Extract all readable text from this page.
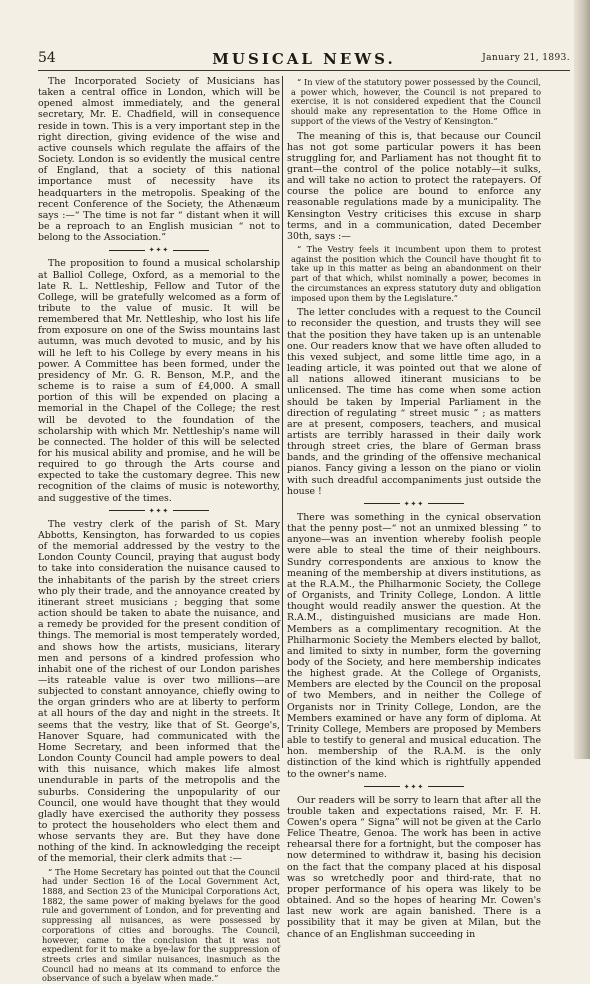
54	MUSICAL NEWS.	January 21, 1893.

The Incorporated Society of Musicians has taken a central office in London, which will be opened almost immediately, and the general secretary, Mr. E. Chadfield, will in consequence reside in town. This is a very important step in the right direction, giving evidence of the wise and active counsels which regulate the affairs of the Society. London is so evidently the musical centre of England, that a society of this national importance must of necessity have its headquarters in the metropolis. Speaking of the recent Conference of the Society, the Athenæum says :—“ The time is not far “ distant when it will be a reproach to an English musician “ not to belong to the Association.”

✦✦✦

The proposition to found a musical scholarship at Balliol College, Oxford, as a memorial to the late R. L. Nettleship, Fellow and Tutor of the College, will be gratefully welcomed as a form of tribute to the value of music. It will be remembered that Mr. Nettleship, who lost his life from exposure on one of the Swiss mountains last autumn, was much devoted to music, and by his will he left to his College by every means in his power. A Committee has been formed, under the presidency of Mr. G. R. Benson, M.P., and the scheme is to raise a sum of £4,000. A small portion of this will be expended on placing a memorial in the Chapel of the College; the rest will be devoted to the foundation of the scholarship with which Mr. Nettleship's name will be connected. The holder of this will be selected for his musical ability and promise, and he will be required to go through the Arts course and expected to take the customary degree. This new recognition of the claims of music is noteworthy, and suggestive of the times.

✦✦✦

The vestry clerk of the parish of St. Mary Abbotts, Kensington, has forwarded to us copies of the memorial addressed by the vestry to the London County Council, praying that august body to take into consideration the nuisance caused to the inhabitants of the parish by the street criers who ply their trade, and the annoyance created by itinerant street musicians ; begging that some action should be taken to abate the nuisance, and a remedy be provided for the present condition of things. The memorial is most temperately worded, and shows how the artists, musicians, literary men and persons of a kindred profession who inhabit one of the richest of our London parishes—its rateable value is over two millions—are subjected to constant annoyance, chiefly owing to the organ grinders who are at liberty to perform at all hours of the day and night in the streets. It seems that the vestry, like that of St. George's, Hanover Square, had communicated with the Home Secretary, and been informed that the London County Council had ample powers to deal with this nuisance, which makes life almost unendurable in parts of the metropolis and the suburbs. Considering the unpopularity of our Council, one would have thought that they would gladly have exercised the authority they possess to protect the householders who elect them and whose servants they are. But they have done nothing of the kind. In acknowledging the receipt of the memorial, their clerk admits that :—

“ The Home Secretary has pointed out that the Council had under Section 16 of the Local Government Act, 1888, and Section 23 of the Municipal Corporations Act, 1882, the same power of making byelaws for the good rule and government of London, and for preventing and suppressing all nuisances, as were possessed by corporations of cities and boroughs. The Council, however, came to the conclusion that it was not expedient for it to make a bye-law for the suppression of streets cries and similar nuisances, inasmuch as the Council had no means at its command to enforce the observance of such a byelaw when made.”

“ In view of the statutory power possessed by the Council, a power which, however, the Council is not prepared to exercise, it is not considered expedient that the Council should make any representation to the Home Office in support of the views of the Vestry of Kensington.”

The meaning of this is, that because our Council has not got some particular powers it has been struggling for, and Parliament has not thought fit to grant—the control of the police notably—it sulks, and will take no action to protect the ratepayers. Of course the police are bound to enforce any reasonable regulations made by a municipality. The Kensington Vestry criticises this excuse in sharp terms, and in a communication, dated December 30th, says :—

“ The Vestry feels it incumbent upon them to protest against the position which the Council have thought fit to take up in this matter as being an abandonment on their part of that which, whilst nominally a power, becomes in the circumstances an express statutory duty and obligation imposed upon them by the Legislature.”

The letter concludes with a request to the Council to reconsider the question, and trusts they will see that the position they have taken up is an untenable one. Our readers know that we have often alluded to this vexed subject, and some little time ago, in a leading article, it was pointed out that we alone of all nations allowed itinerant musicians to be unlicensed. The time has come when some action should be taken by Imperial Parliament in the direction of regulating “ street music ” ; as matters are at present, composers, teachers, and musical artists are terribly harassed in their daily work through street cries, the blare of German brass bands, and the grinding of the offensive mechanical pianos. Fancy giving a lesson on the piano or violin with such dreadful accompaniments just outside the house !

✦✦✦

There was something in the cynical observation that the penny post—“ not an unmixed blessing ” to anyone—was an invention whereby foolish people were able to steal the time of their neighbours. Sundry correspondents are anxious to know the meaning of the membership at divers institutions, as at the R.A.M., the Philharmonic Society, the College of Organists, and Trinity College, London. A little thought would readily answer the question. At the R.A.M., distinguished musicians are made Hon. Members as a complimentary recognition. At the Philharmonic Society the Members elected by ballot, and limited to sixty in number, form the governing body of the Society, and here membership indicates the highest grade. At the College of Organists, Members are elected by the Council on the proposal of two Members, and in neither the College of Organists nor in Trinity College, London, are the Members examined or have any form of diploma. At Trinity College, Members are proposed by Members able to testify to general and musical education. The hon. membership of the R.A.M. is the only distinction of the kind which is rightfully appended to the owner's name.

✦✦✦

Our readers will be sorry to learn that after all the trouble taken and expectations raised, Mr. F. H. Cowen's opera “ Signa” will not be given at the Carlo Felice Theatre, Genoa. The work has been in active rehearsal there for a fortnight, but the composer has now determined to withdraw it, basing his decision on the fact that the company placed at his disposal was so wretchedly poor and third-rate, that no proper performance of his opera was likely to be obtained. And so the hopes of hearing Mr. Cowen's last new work are again banished. There is a possibility that it may be given at Milan, but the chance of an Englishman succeeding in
